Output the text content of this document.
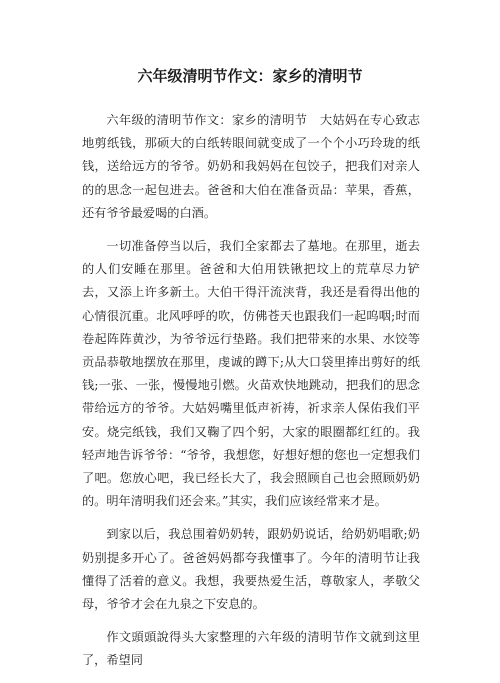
六年级清明节作文：家乡的清明节

六年级的清明节作文：家乡的清明节　大姑妈在专心致志地剪纸钱，那硕大的白纸转眼间就变成了一个个小巧玲珑的纸钱，送给远方的爷爷。奶奶和我妈妈在包饺子，把我们对亲人的的思念一起包进去。爸爸和大伯在准备贡品：苹果，香蕉，还有爷爷最爱喝的白酒。

一切准备停当以后，我们全家都去了墓地。在那里，逝去的人们安睡在那里。爸爸和大伯用铁锹把坟上的荒草尽力铲去，又添上许多新土。大伯干得汗流浃背，我还是看得出他的心情很沉重。北风呼呼的吹，仿佛苍天也跟我们一起呜咽;时而卷起阵阵黄沙，为爷爷远行垫路。我们把带来的水果、水饺等贡品恭敬地摆放在那里，虔诚的蹲下;从大口袋里捧出剪好的纸钱;一张、一张，慢慢地引燃。火苗欢快地跳动，把我们的思念带给远方的爷爷。大姑妈嘴里低声祈祷，祈求亲人保佑我们平安。烧完纸钱，我们又鞠了四个躬，大家的眼圈都红红的。我轻声地告诉爷爷：“爷爷，我想您，好想好想的您也一定想我们了吧。您放心吧，我已经长大了，我会照顾自己也会照顾奶奶的。明年清明我们还会来。”其实，我们应该经常来才是。

到家以后，我总围着奶奶转，跟奶奶说话，给奶奶唱歌;奶奶别提多开心了。爸爸妈妈都夸我懂事了。今年的清明节让我懂得了活着的意义。我想，我要热爱生活，尊敬家人，孝敬父母，爷爷才会在九泉之下安息的。

作文頭頭說得头大家整理的六年级的清明节作文就到这里了，希望同
